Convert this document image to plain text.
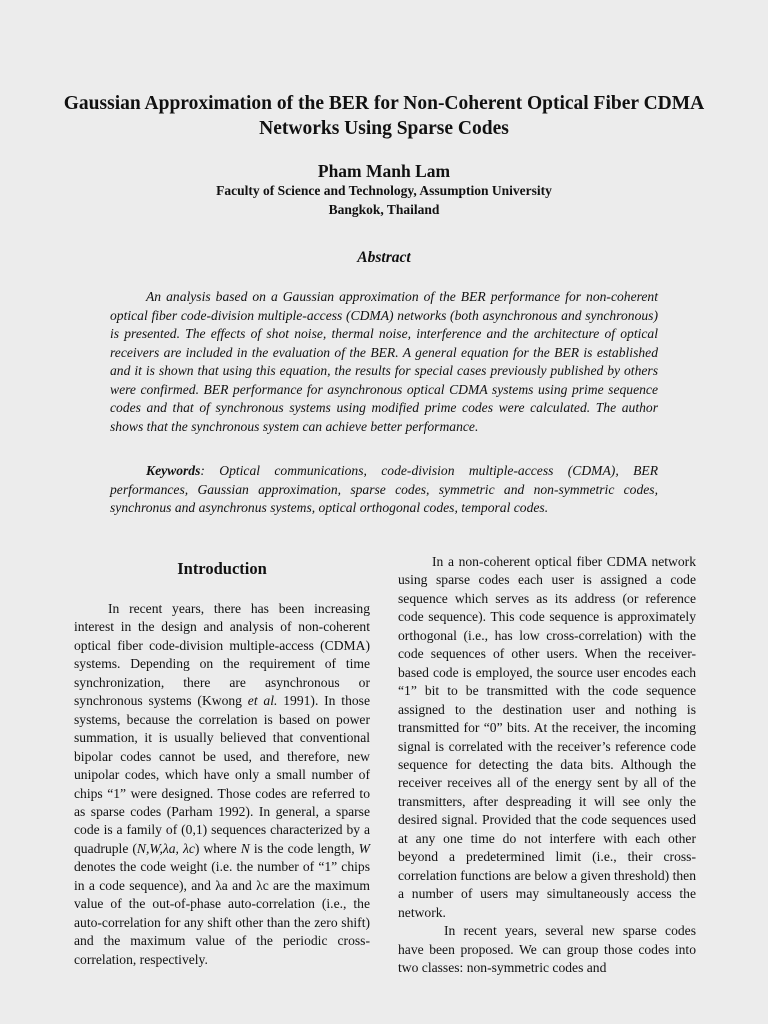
Gaussian Approximation of the BER for Non-Coherent Optical Fiber CDMA Networks Using Sparse Codes
Pham Manh Lam
Faculty of Science and Technology, Assumption University
Bangkok, Thailand
Abstract

An analysis based on a Gaussian approximation of the BER performance for non-coherent optical fiber code-division multiple-access (CDMA) networks (both asynchronous and synchronous) is presented. The effects of shot noise, thermal noise, interference and the architecture of optical receivers are included in the evaluation of the BER. A general equation for the BER is established and it is shown that using this equation, the results for special cases previously published by others were confirmed. BER performance for asynchronous optical CDMA systems using prime sequence codes and that of synchronous systems using modified prime codes were calculated. The author shows that the synchronous system can achieve better performance.

Keywords: Optical communications, code-division multiple-access (CDMA), BER performances, Gaussian approximation, sparse codes, symmetric and non-symmetric codes, synchronus and asynchronus systems, optical orthogonal codes, temporal codes.

Introduction

In recent years, there has been increasing interest in the design and analysis of non-coherent optical fiber code-division multiple-access (CDMA) systems. Depending on the requirement of time synchronization, there are asynchronous or synchronous systems (Kwong et al. 1991). In those systems, because the correlation is based on power summation, it is usually believed that conventional bipolar codes cannot be used, and therefore, new unipolar codes, which have only a small number of chips “1” were designed. Those codes are referred to as sparse codes (Parham 1992). In general, a sparse code is a family of (0,1) sequences characterized by a quadruple (N,W,λa, λc) where N is the code length, W denotes the code weight (i.e. the number of “1” chips in a code sequence), and λa and λc are the maximum value of the out-of-phase auto-correlation (i.e., the auto-correlation for any shift other than the zero shift) and the maximum value of the periodic cross-correlation, respectively.

In a non-coherent optical fiber CDMA network using sparse codes each user is assigned a code sequence which serves as its address (or reference code sequence). This code sequence is approximately orthogonal (i.e., has low cross-correlation) with the code sequences of other users. When the receiver-based code is employed, the source user encodes each “1” bit to be transmitted with the code sequence assigned to the destination user and nothing is transmitted for “0” bits. At the receiver, the incoming signal is correlated with the receiver’s reference code sequence for detecting the data bits. Although the receiver receives all of the energy sent by all of the transmitters, after despreading it will see only the desired signal. Provided that the code sequences used at any one time do not interfere with each other beyond a predetermined limit (i.e., their cross-correlation functions are below a given threshold) then a number of users may simultaneously access the network.

In recent years, several new sparse codes have been proposed. We can group those codes into two classes: non-symmetric codes and
